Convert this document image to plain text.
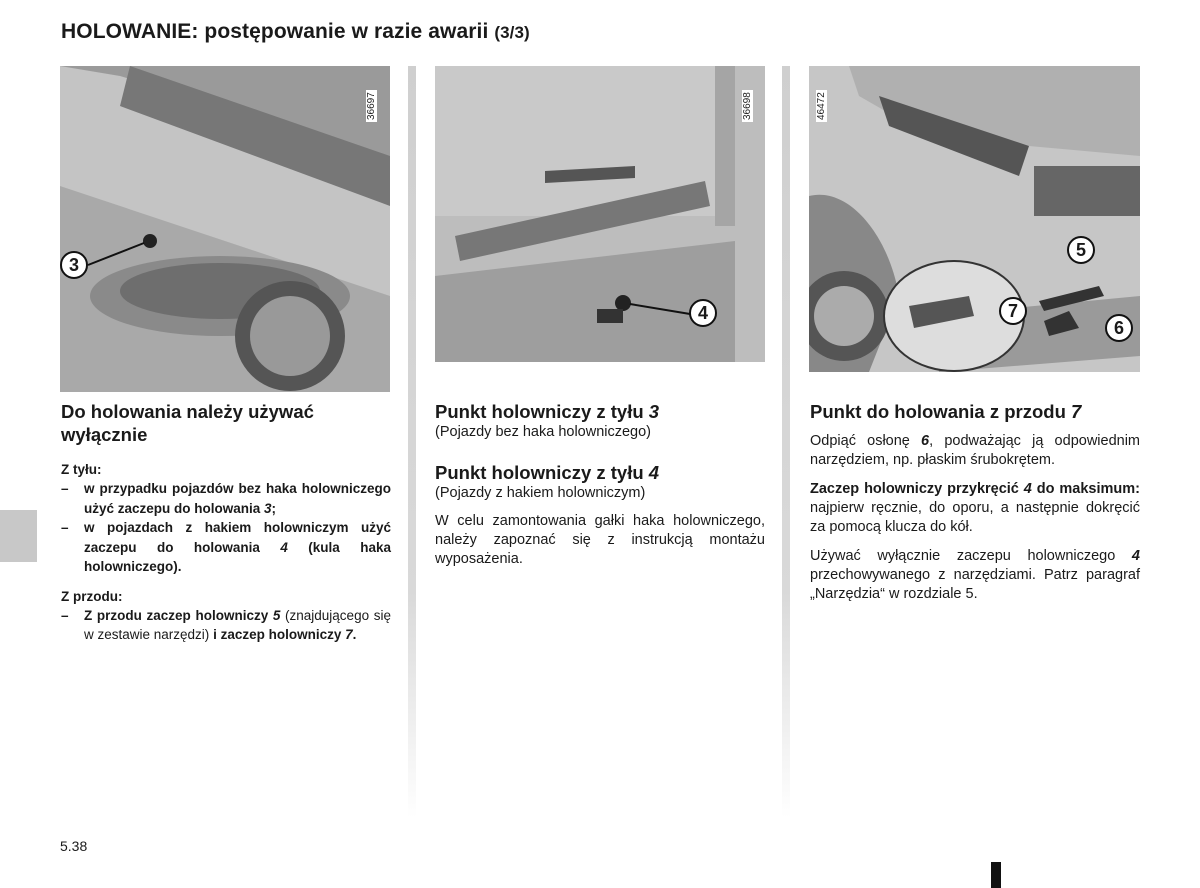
HOLOWANIE: postępowanie w razie awarii (3/3)
36697
3
36698
4
46472
5
7
6
Do holowania należy używać wyłącznie
Z tyłu:
– w przypadku pojazdów bez haka holowniczego użyć zaczepu do holowania 3;
– w pojazdach z hakiem holowniczym użyć zaczepu do holowania 4 (kula haka holowniczego).
Z przodu:
– Z przodu zaczep holowniczy 5 (znajdującego się w zestawie narzędzi) i zaczep holowniczy 7.
Punkt holowniczy z tyłu 3
(Pojazdy bez haka holowniczego)
Punkt holowniczy z tyłu 4
(Pojazdy z hakiem holowniczym)

W celu zamontowania gałki haka holowniczego, należy zapoznać się z instrukcją montażu wyposażenia.

Punkt do holowania z przodu 7

Odpiąć osłonę 6, podważając ją odpowiednim narzędziem, np. płaskim śrubokrętem.

Zaczep holowniczy przykręcić 4 do maksimum: najpierw ręcznie, do oporu, a następnie dokręcić za pomocą klucza do kół.

Używać wyłącznie zaczepu holowniczego 4 przechowywanego z narzędziami. Patrz paragraf „Narzędzia“ w rozdziale 5.

5.38
